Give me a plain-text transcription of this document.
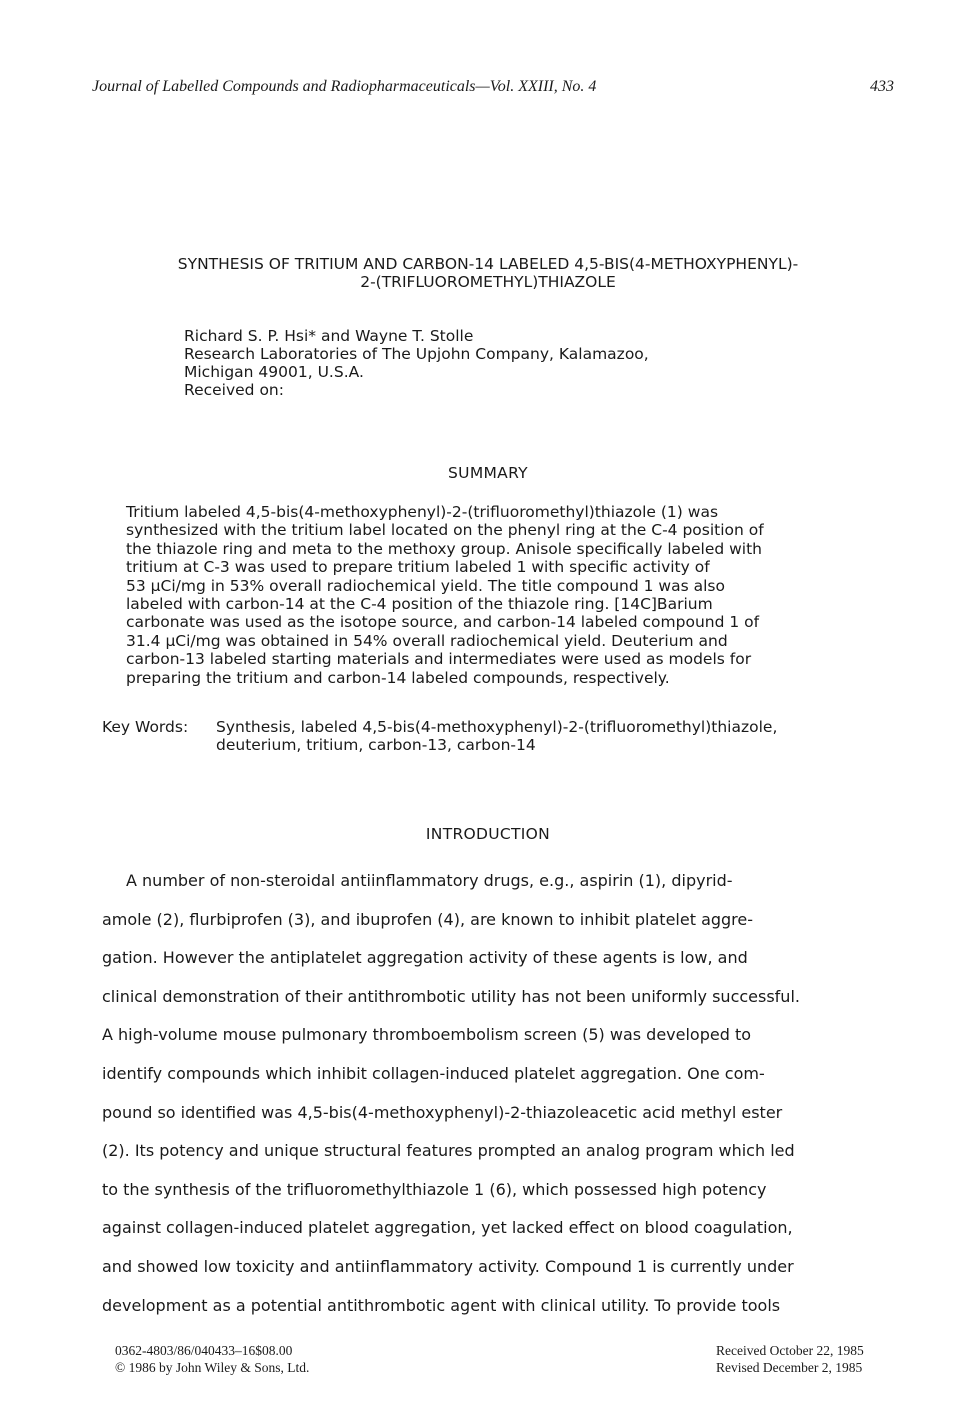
Journal of Labelled Compounds and Radiopharmaceuticals—Vol. XXIII, No. 4	433
SYNTHESIS OF TRITIUM AND CARBON-14 LABELED 4,5-BIS(4-METHOXYPHENYL)-
2-(TRIFLUOROMETHYL)THIAZOLE
Richard S. P. Hsi* and Wayne T. Stolle
Research Laboratories of The Upjohn Company, Kalamazoo,
Michigan 49001, U.S.A.
Received on:
SUMMARY
Tritium labeled 4,5-bis(4-methoxyphenyl)-2-(trifluoromethyl)thiazole (1) was
synthesized with the tritium label located on the phenyl ring at the C-4 position of
the thiazole ring and meta to the methoxy group. Anisole specifically labeled with
tritium at C-3 was used to prepare tritium labeled 1 with specific activity of
53 µCi/mg in 53% overall radiochemical yield. The title compound 1 was also
labeled with carbon-14 at the C-4 position of the thiazole ring. [14C]Barium
carbonate was used as the isotope source, and carbon-14 labeled compound 1 of
31.4 µCi/mg was obtained in 54% overall radiochemical yield. Deuterium and
carbon-13 labeled starting materials and intermediates were used as models for
preparing the tritium and carbon-14 labeled compounds, respectively.
Key Words: Synthesis, labeled 4,5-bis(4-methoxyphenyl)-2-(trifluoromethyl)thiazole,
deuterium, tritium, carbon-13, carbon-14
INTRODUCTION
A number of non-steroidal antiinflammatory drugs, e.g., aspirin (1), dipyrid-
amole (2), flurbiprofen (3), and ibuprofen (4), are known to inhibit platelet aggre-
gation. However the antiplatelet aggregation activity of these agents is low, and
clinical demonstration of their antithrombotic utility has not been uniformly successful.
A high-volume mouse pulmonary thromboembolism screen (5) was developed to
identify compounds which inhibit collagen-induced platelet aggregation. One com-
pound so identified was 4,5-bis(4-methoxyphenyl)-2-thiazoleacetic acid methyl ester
(2). Its potency and unique structural features prompted an analog program which led
to the synthesis of the trifluoromethylthiazole 1 (6), which possessed high potency
against collagen-induced platelet aggregation, yet lacked effect on blood coagulation,
and showed low toxicity and antiinflammatory activity. Compound 1 is currently under
development as a potential antithrombotic agent with clinical utility. To provide tools
0362-4803/86/040433–16$08.00
© 1986 by John Wiley & Sons, Ltd.
Received October 22, 1985
Revised December 2, 1985
